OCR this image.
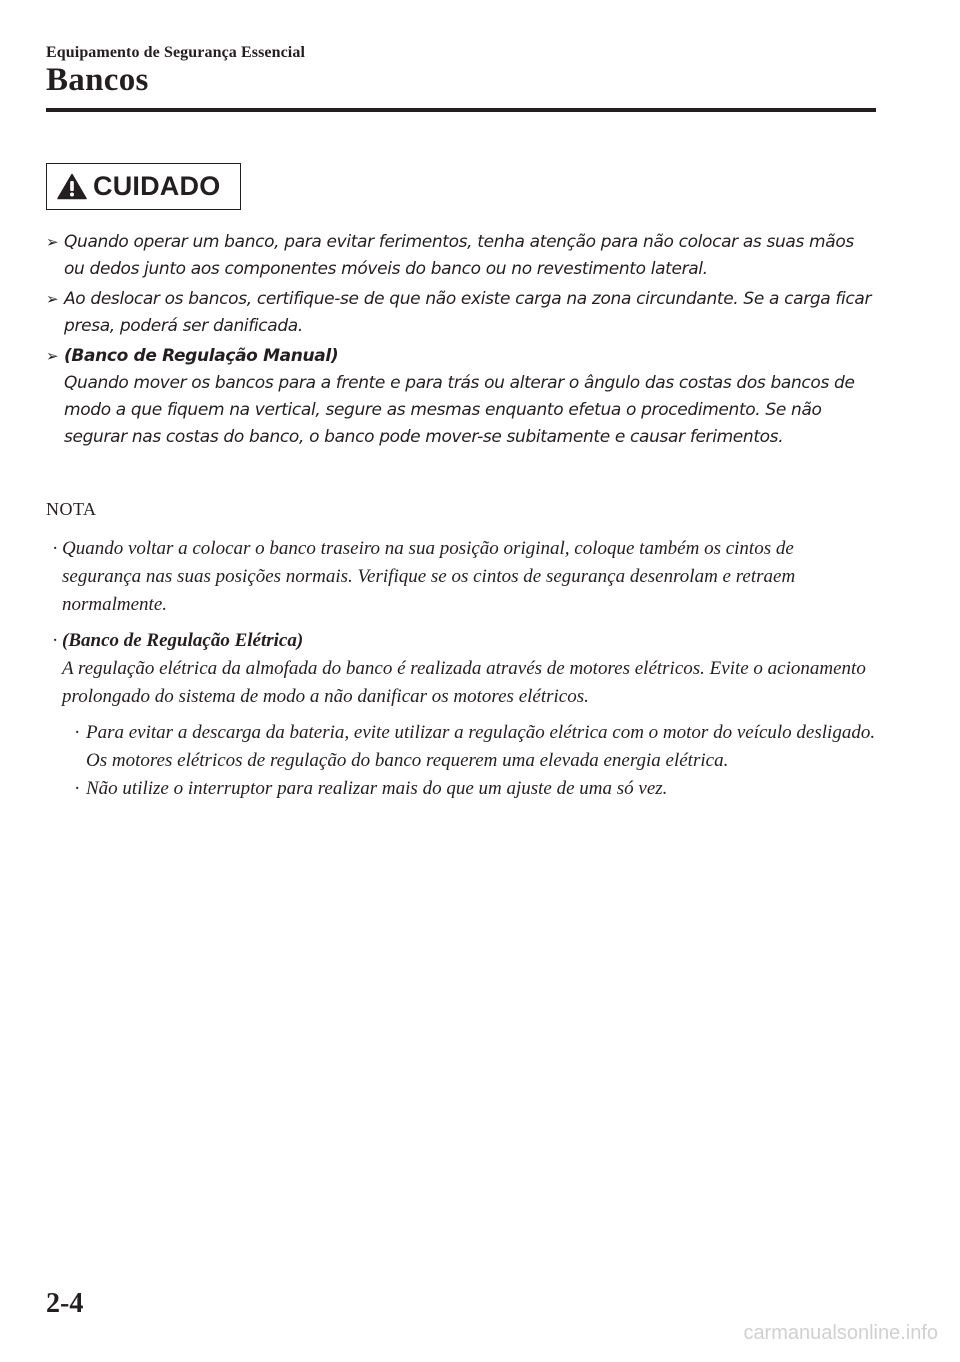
Equipamento de Segurança Essencial
Bancos
CUIDADO
➢ Quando operar um banco, para evitar ferimentos, tenha atenção para não colocar as suas mãos ou dedos junto aos componentes móveis do banco ou no revestimento lateral.
➢ Ao deslocar os bancos, certifique-se de que não existe carga na zona circundante. Se a carga ficar presa, poderá ser danificada.
➢ (Banco de Regulação Manual)
Quando mover os bancos para a frente e para trás ou alterar o ângulo das costas dos bancos de modo a que fiquem na vertical, segure as mesmas enquanto efetua o procedimento. Se não segurar nas costas do banco, o banco pode mover-se subitamente e causar ferimentos.
NOTA
· Quando voltar a colocar o banco traseiro na sua posição original, coloque também os cintos de segurança nas suas posições normais. Verifique se os cintos de segurança desenrolam e retraem normalmente.
· (Banco de Regulação Elétrica)
A regulação elétrica da almofada do banco é realizada através de motores elétricos. Evite o acionamento prolongado do sistema de modo a não danificar os motores elétricos.
· Para evitar a descarga da bateria, evite utilizar a regulação elétrica com o motor do veículo desligado. Os motores elétricos de regulação do banco requerem uma elevada energia elétrica.
· Não utilize o interruptor para realizar mais do que um ajuste de uma só vez.
2-4
carmanualsonline.info
